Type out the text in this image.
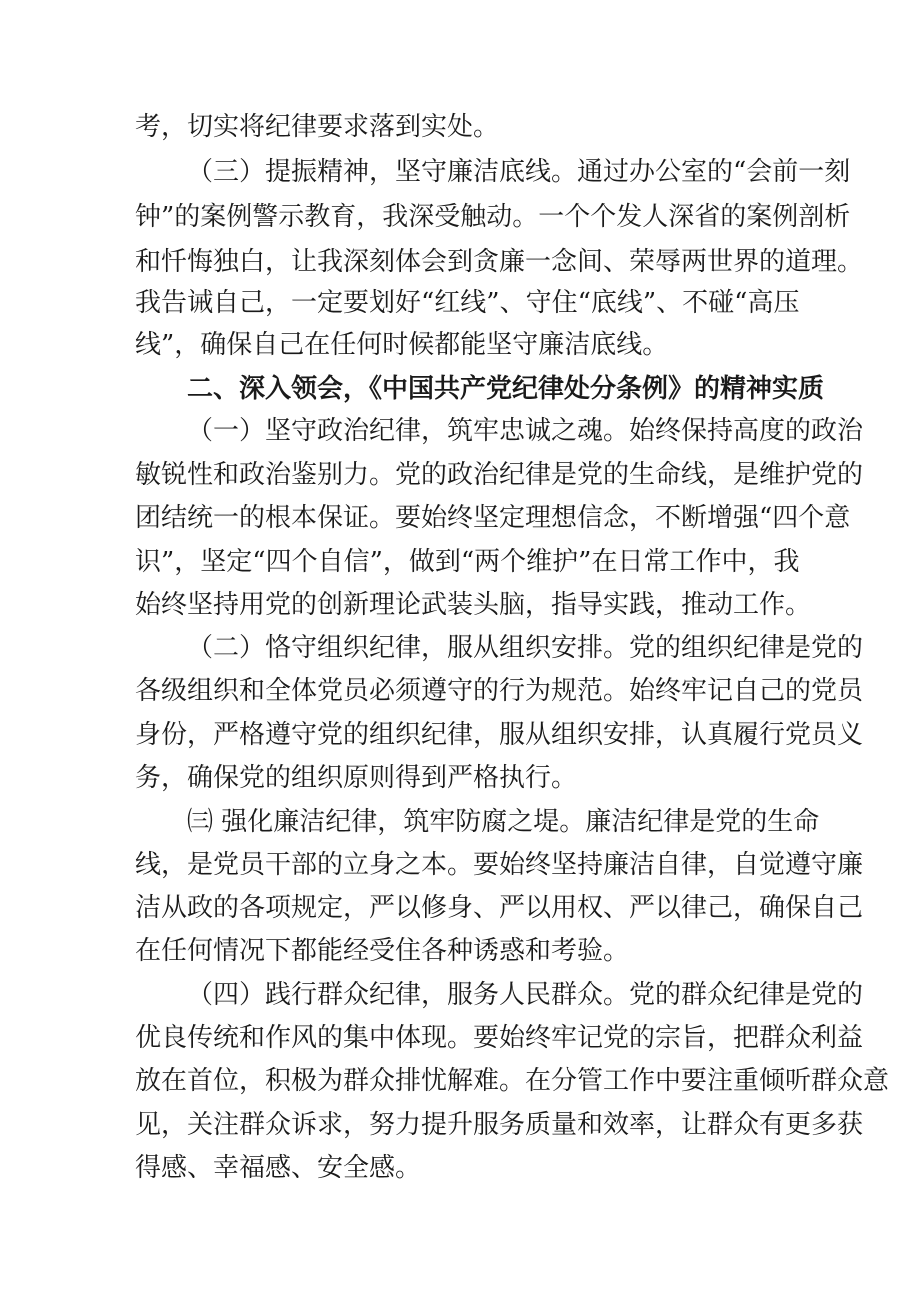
考，切实将纪律要求落到实处。
（三）提振精神，坚守廉洁底线。通过办公室的“会前一刻
钟”的案例警示教育，我深受触动。一个个发人深省的案例剖析
和忏悔独白，让我深刻体会到贪廉一念间、荣辱两世界的道理。
我告诫自己，一定要划好“红线”、守住“底线”、不碰“高压
线”，确保自己在任何时候都能坚守廉洁底线。
二、深入领会，《中国共产党纪律处分条例》的精神实质
（一）坚守政治纪律，筑牢忠诚之魂。始终保持高度的政治
敏锐性和政治鉴别力。党的政治纪律是党的生命线，是维护党的
团结统一的根本保证。要始终坚定理想信念，不断增强“四个意
识”，坚定“四个自信”，做到“两个维护”在日常工作中，我
始终坚持用党的创新理论武装头脑，指导实践，推动工作。
（二）恪守组织纪律，服从组织安排。党的组织纪律是党的
各级组织和全体党员必须遵守的行为规范。始终牢记自己的党员
身份，严格遵守党的组织纪律，服从组织安排，认真履行党员义
务，确保党的组织原则得到严格执行。
㈢ 强化廉洁纪律，筑牢防腐之堤。廉洁纪律是党的生命
线，是党员干部的立身之本。要始终坚持廉洁自律，自觉遵守廉
洁从政的各项规定，严以修身、严以用权、严以律己，确保自己
在任何情况下都能经受住各种诱惑和考验。
（四）践行群众纪律，服务人民群众。党的群众纪律是党的
优良传统和作风的集中体现。要始终牢记党的宗旨，把群众利益
放在首位，积极为群众排忧解难。在分管工作中要注重倾听群众意
见，关注群众诉求，努力提升服务质量和效率，让群众有更多获
得感、幸福感、安全感。
